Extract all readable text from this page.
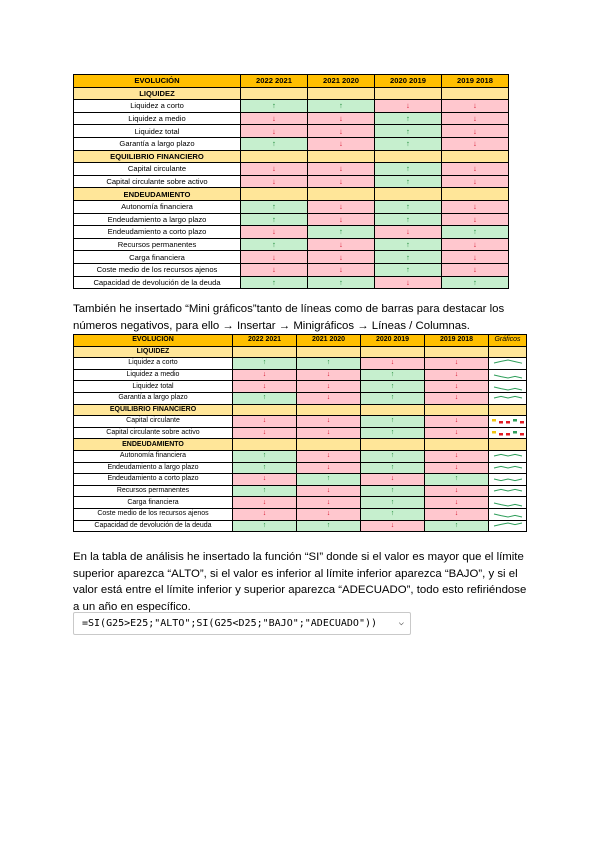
EVOLUCIÓN	2022 2021	2021 2020	2020 2019	2019 2018
LIQUIDEZ				
Liquidez a corto	↑	↑	↓	↓
Liquidez a medio	↓	↓	↑	↓
Liquidez total	↓	↓	↑	↓
Garantía a largo plazo	↑	↓	↑	↓
EQUILIBRIO FINANCIERO				
Capital circulante	↓	↓	↑	↓
Capital circulante sobre activo	↓	↓	↑	↓
ENDEUDAMIENTO				
Autonomía financiera	↑	↓	↑	↓
Endeudamiento a largo plazo	↑	↓	↑	↓
Endeudamiento a corto plazo	↓	↑	↓	↑
Recursos permanentes	↑	↓	↑	↓
Carga financiera	↓	↓	↑	↓
Coste medio de los recursos ajenos	↓	↓	↑	↓
Capacidad de devolución de la deuda	↑	↑	↓	↑

También he insertado “Mini gráficos”tanto de líneas como de barras para destacar los números negativos, para ello → Insertar → Minigráficos → Líneas / Columnas.

EVOLUCIÓN	2022 2021	2021 2020	2020 2019	2019 2018	Gráficos
LIQUIDEZ					
Liquidez a corto	↑	↑	↓	↓	

Liquidez a medio	↓	↓	↑	↓	

Liquidez total	↓	↓	↑	↓	

Garantía a largo plazo	↑	↓	↑	↓	

EQUILIBRIO FINANCIERO					
Capital circulante	↓	↓	↑	↓	

Capital circulante sobre activo	↓	↓	↑	↓	

ENDEUDAMIENTO					
Autonomía financiera	↑	↓	↑	↓	

Endeudamiento a largo plazo	↑	↓	↑	↓	

Endeudamiento a corto plazo	↓	↑	↓	↑	

Recursos permanentes	↑	↓	↑	↓	

Carga financiera	↓	↓	↑	↓	

Coste medio de los recursos ajenos	↓	↓	↑	↓	

Capacidad de devolución de la deuda	↑	↑	↓	↑	

En la tabla de análisis he insertado la función “SI” donde si el valor es mayor que el límite superior aparezca “ALTO”, si el valor es inferior al límite inferior aparezca “BAJO”, y si el valor está entre el límite inferior y superior aparezca “ADECUADO”, todo esto refiriéndose a un año en específico.

=SI(G25>E25;"ALTO";SI(G25<D25;"BAJO";"ADECUADO")) ⌵
